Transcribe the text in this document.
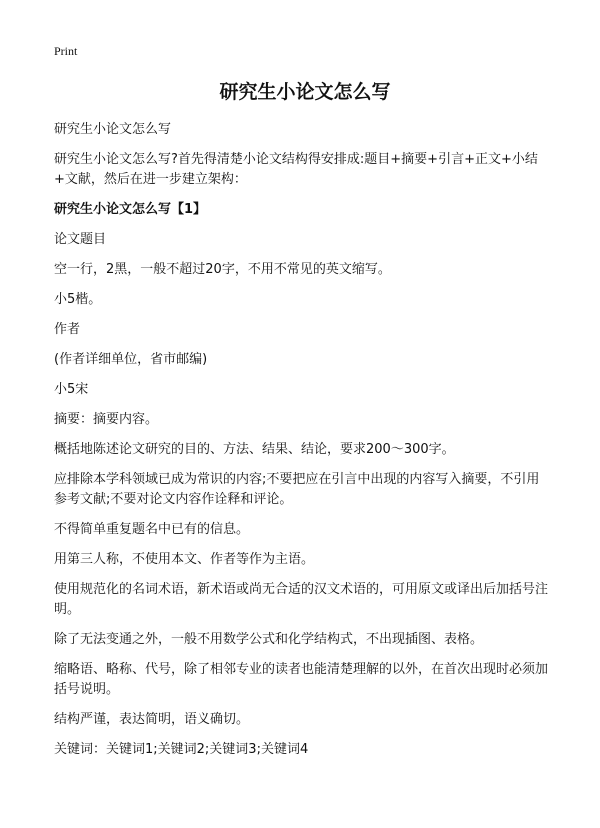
Print
研究生小论文怎么写

研究生小论文怎么写

研究生小论文怎么写?首先得清楚小论文结构得安排成:题目+摘要+引言+正文+小结+文献，然后在进一步建立架构：

研究生小论文怎么写【1】

论文题目

空一行，2黑，一般不超过20字，不用不常见的英文缩写。

小5楷。

作者

(作者详细单位，省市邮编)

小5宋

摘要：摘要内容。

概括地陈述论文研究的目的、方法、结果、结论，要求200～300字。

应排除本学科领域已成为常识的内容;不要把应在引言中出现的内容写入摘要，不引用参考文献;不要对论文内容作诠释和评论。

不得简单重复题名中已有的信息。

用第三人称，不使用本文、作者等作为主语。

使用规范化的名词术语，新术语或尚无合适的汉文术语的，可用原文或译出后加括号注明。

除了无法变通之外，一般不用数学公式和化学结构式，不出现插图、表格。

缩略语、略称、代号，除了相邻专业的读者也能清楚理解的以外，在首次出现时必须加括号说明。

结构严谨，表达简明，语义确切。

关键词：关键词1;关键词2;关键词3;关键词4
